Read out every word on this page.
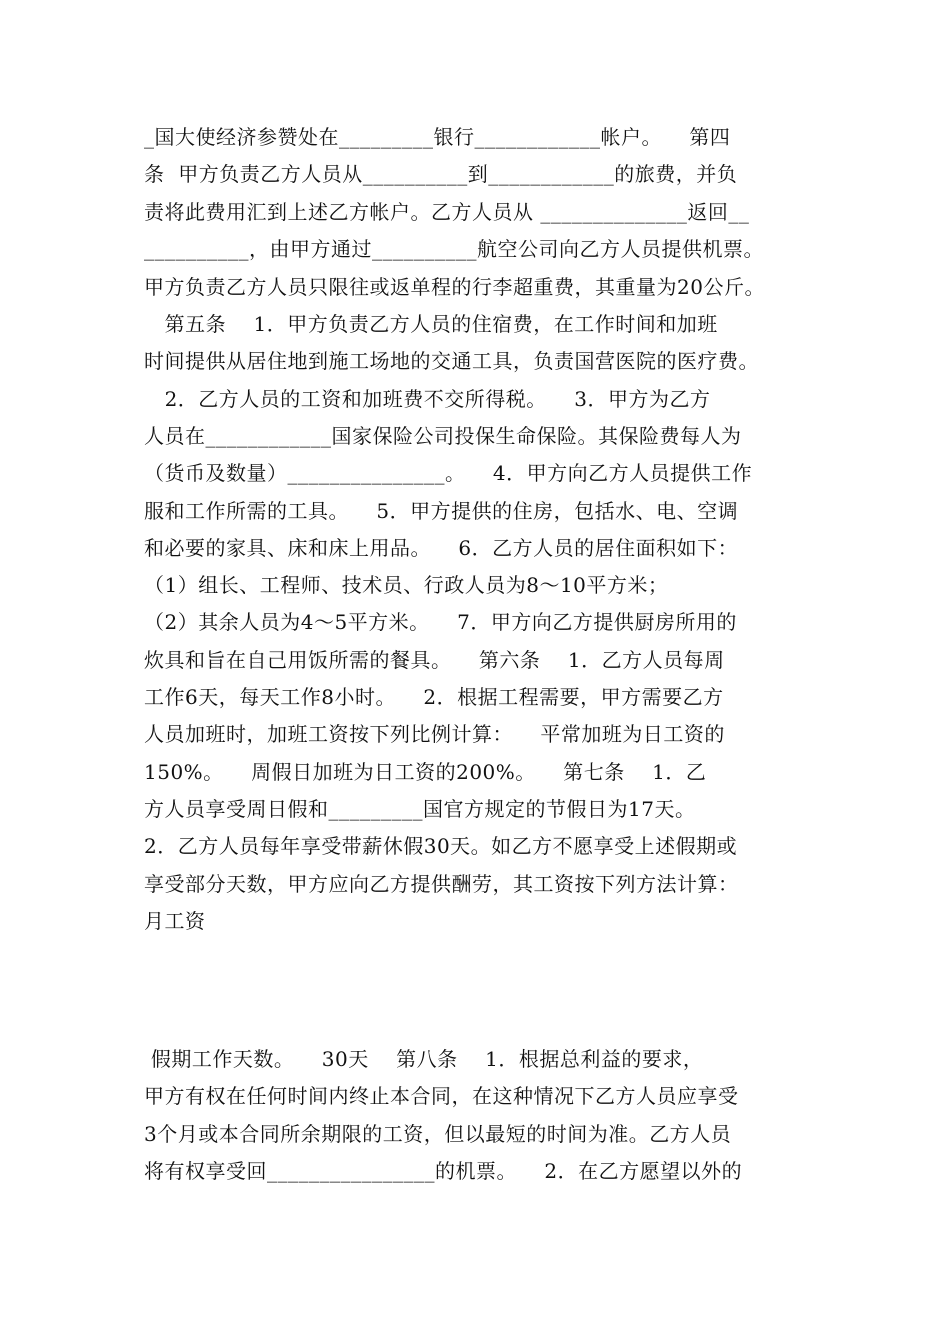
_国大使经济参赞处在_________银行____________帐户。    第四
条  甲方负责乙方人员从__________到____________的旅费，并负
责将此费用汇到上述乙方帐户。乙方人员从 ______________返回__
__________，由甲方通过__________航空公司向乙方人员提供机票。
甲方负责乙方人员只限往或返单程的行李超重费，其重量为20公斤。
第五条    1．甲方负责乙方人员的住宿费，在工作时间和加班
时间提供从居住地到施工场地的交通工具，负责国营医院的医疗费。
2．乙方人员的工资和加班费不交所得税。    3．甲方为乙方
人员在____________国家保险公司投保生命保险。其保险费每人为
（货币及数量）_______________。    4．甲方向乙方人员提供工作
服和工作所需的工具。    5．甲方提供的住房，包括水、电、空调
和必要的家具、床和床上用品。    6．乙方人员的居住面积如下：
（1）组长、工程师、技术员、行政人员为8～10平方米；
（2）其余人员为4～5平方米。    7．甲方向乙方提供厨房所用的
炊具和旨在自己用饭所需的餐具。    第六条    1．乙方人员每周
工作6天，每天工作8小时。    2．根据工程需要，甲方需要乙方
人员加班时，加班工资按下列比例计算：    平常加班为日工资的
150%。    周假日加班为日工资的200%。    第七条    1．乙
方人员享受周日假和_________国官方规定的节假日为17天。
2．乙方人员每年享受带薪休假30天。如乙方不愿享受上述假期或
享受部分天数，甲方应向乙方提供酬劳，其工资按下列方法计算：
月工资
假期工作天数。    30天    第八条    1．根据总利益的要求，
甲方有权在任何时间内终止本合同，在这种情况下乙方人员应享受
3个月或本合同所余期限的工资，但以最短的时间为准。乙方人员
将有权享受回________________的机票。    2．在乙方愿望以外的
